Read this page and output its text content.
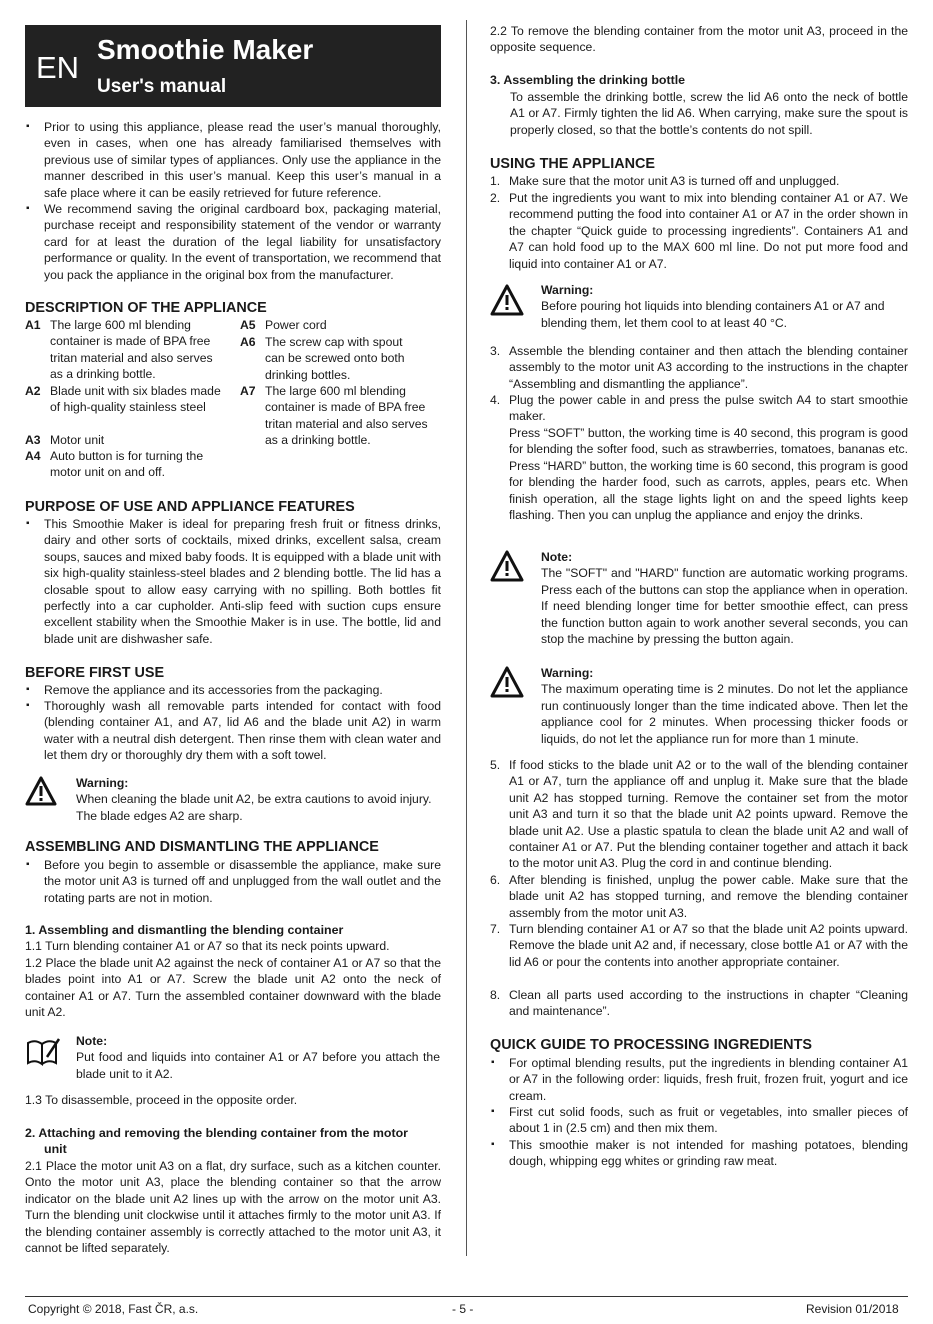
EN
Smoothie Maker
User's manual
▪ Prior to using this appliance, please read the user’s manual thoroughly, even in cases, when one has already familiarised themselves with previous use of similar types of appliances. Only use the appliance in the manner described in this user’s manual. Keep this user’s manual in a safe place where it can be easily retrieved for future reference.
▪ We recommend saving the original cardboard box, packaging material, purchase receipt and responsibility statement of the vendor or warranty card for at least the duration of the legal liability for unsatisfactory performance or quality. In the event of transportation, we recommend that you pack the appliance in the original box from the manufacturer.
DESCRIPTION OF THE APPLIANCE
A1 The large 600 ml blending container is made of BPA free tritan material and also serves as a drinking bottle.
A2 Blade unit with six blades made of high-quality stainless steel
A3 Motor unit
A4 Auto button is for turning the motor unit on and off.
A5 Power cord
A6 The screw cap with spout can be screwed onto both drinking bottles.
A7 The large 600 ml blending container is made of BPA free tritan material and also serves as a drinking bottle.
PURPOSE OF USE AND APPLIANCE FEATURES
▪ This Smoothie Maker is ideal for preparing fresh fruit or fitness drinks, dairy and other sorts of cocktails, mixed drinks, excellent salsa, cream soups, sauces and mixed baby foods. It is equipped with a blade unit with six high-quality stainless-steel blades and 2 blending bottle. The lid has a closable spout to allow easy carrying with no spilling. Both bottles fit perfectly into a car cupholder. Anti-slip feed with suction cups ensure excellent stability when the Smoothie Maker is in use. The bottle, lid and blade unit are dishwasher safe.
BEFORE FIRST USE
▪ Remove the appliance and its accessories from the packaging.
▪ Thoroughly wash all removable parts intended for contact with food (blending container A1, and A7, lid A6 and the blade unit A2) in warm water with a neutral dish detergent. Then rinse them with clean water and let them dry or thoroughly dry them with a soft towel.
Warning:
When cleaning the blade unit A2, be extra cautions to avoid injury. The blade edges A2 are sharp.
ASSEMBLING AND DISMANTLING THE APPLIANCE
▪ Before you begin to assemble or disassemble the appliance, make sure the motor unit A3 is turned off and unplugged from the wall outlet and the rotating parts are not in motion.
1. Assembling and dismantling the blending container
1.1 Turn blending container A1 or A7 so that its neck points upward.
1.2 Place the blade unit A2 against the neck of container A1 or A7 so that the blades point into A1 or A7. Screw the blade unit A2 onto the neck of container A1 or A7. Turn the assembled container downward with the blade unit A2.
Note:
Put food and liquids into container A1 or A7 before you attach the blade unit to it A2.
1.3 To disassemble, proceed in the opposite order.
2. Attaching and removing the blending container from the motor
unit
2.1 Place the motor unit A3 on a flat, dry surface, such as a kitchen counter. Onto the motor unit A3, place the blending container so that the arrow indicator on the blade unit A2 lines up with the arrow on the motor unit A3. Turn the blending unit clockwise until it attaches firmly to the motor unit A3. If the blending container assembly is correctly attached to the motor unit A3, it cannot be lifted separately.
2.2 To remove the blending container from the motor unit A3, proceed in the opposite sequence.
3. Assembling the drinking bottle
To assemble the drinking bottle, screw the lid A6 onto the neck of bottle A1 or A7. Firmly tighten the lid A6. When carrying, make sure the spout is properly closed, so that the bottle’s contents do not spill.
USING THE APPLIANCE
1. Make sure that the motor unit A3 is turned off and unplugged.
2. Put the ingredients you want to mix into blending container A1 or A7. We recommend putting the food into container A1 or A7 in the order shown in the chapter “Quick guide to processing ingredients”. Containers A1 and A7 can hold food up to the MAX 600 ml line. Do not put more food and liquid into container A1 or A7.
Warning:
Before pouring hot liquids into blending containers A1 or A7 and blending them, let them cool to at least 40 °C.
3. Assemble the blending container and then attach the blending container assembly to the motor unit A3 according to the instructions in the chapter “Assembling and dismantling the appliance”.
4. Plug the power cable in and press the pulse switch A4 to start smoothie maker.
Press “SOFT” button, the working time is 40 second, this program is good for blending the softer food, such as strawberries, tomatoes, bananas etc. Press “HARD” button, the working time is 60 second, this program is good for blending the harder food, such as carrots, apples, pears etc. When finish operation, all the stage lights light on and the speed lights keep flashing. Then you can unplug the appliance and enjoy the drinks.
Note:
The "SOFT" and "HARD" function are automatic working programs. Press each of the buttons can stop the appliance when in operation. If need blending longer time for better smoothie effect, can press the function button again to work another several seconds, you can stop the machine by pressing the button again.
Warning:
The maximum operating time is 2 minutes. Do not let the appliance run continuously longer than the time indicated above. Then let the appliance cool for 2 minutes. When processing thicker foods or liquids, do not let the appliance run for more than 1 minute.
5. If food sticks to the blade unit A2 or to the wall of the blending container A1 or A7, turn the appliance off and unplug it. Make sure that the blade unit A2 has stopped turning. Remove the container set from the motor unit A3 and turn it so that the blade unit A2 points upward. Remove the blade unit A2. Use a plastic spatula to clean the blade unit A2 and wall of container A1 or A7. Put the blending container together and attach it back to the motor unit A3. Plug the cord in and continue blending.
6. After blending is finished, unplug the power cable. Make sure that the blade unit A2 has stopped turning, and remove the blending container assembly from the motor unit A3.
7. Turn blending container A1 or A7 so that the blade unit A2 points upward. Remove the blade unit A2 and, if necessary, close bottle A1 or A7 with the lid A6 or pour the contents into another appropriate container.
8. Clean all parts used according to the instructions in chapter “Cleaning and maintenance”.
QUICK GUIDE TO PROCESSING INGREDIENTS
▪ For optimal blending results, put the ingredients in blending container A1 or A7 in the following order: liquids, fresh fruit, frozen fruit, yogurt and ice cream.
▪ First cut solid foods, such as fruit or vegetables, into smaller pieces of about 1 in (2.5 cm) and then mix them.
▪ This smoothie maker is not intended for mashing potatoes, blending dough, whipping egg whites or grinding raw meat.
Copyright © 2018, Fast ČR, a.s.	- 5 -	Revision 01/2018
